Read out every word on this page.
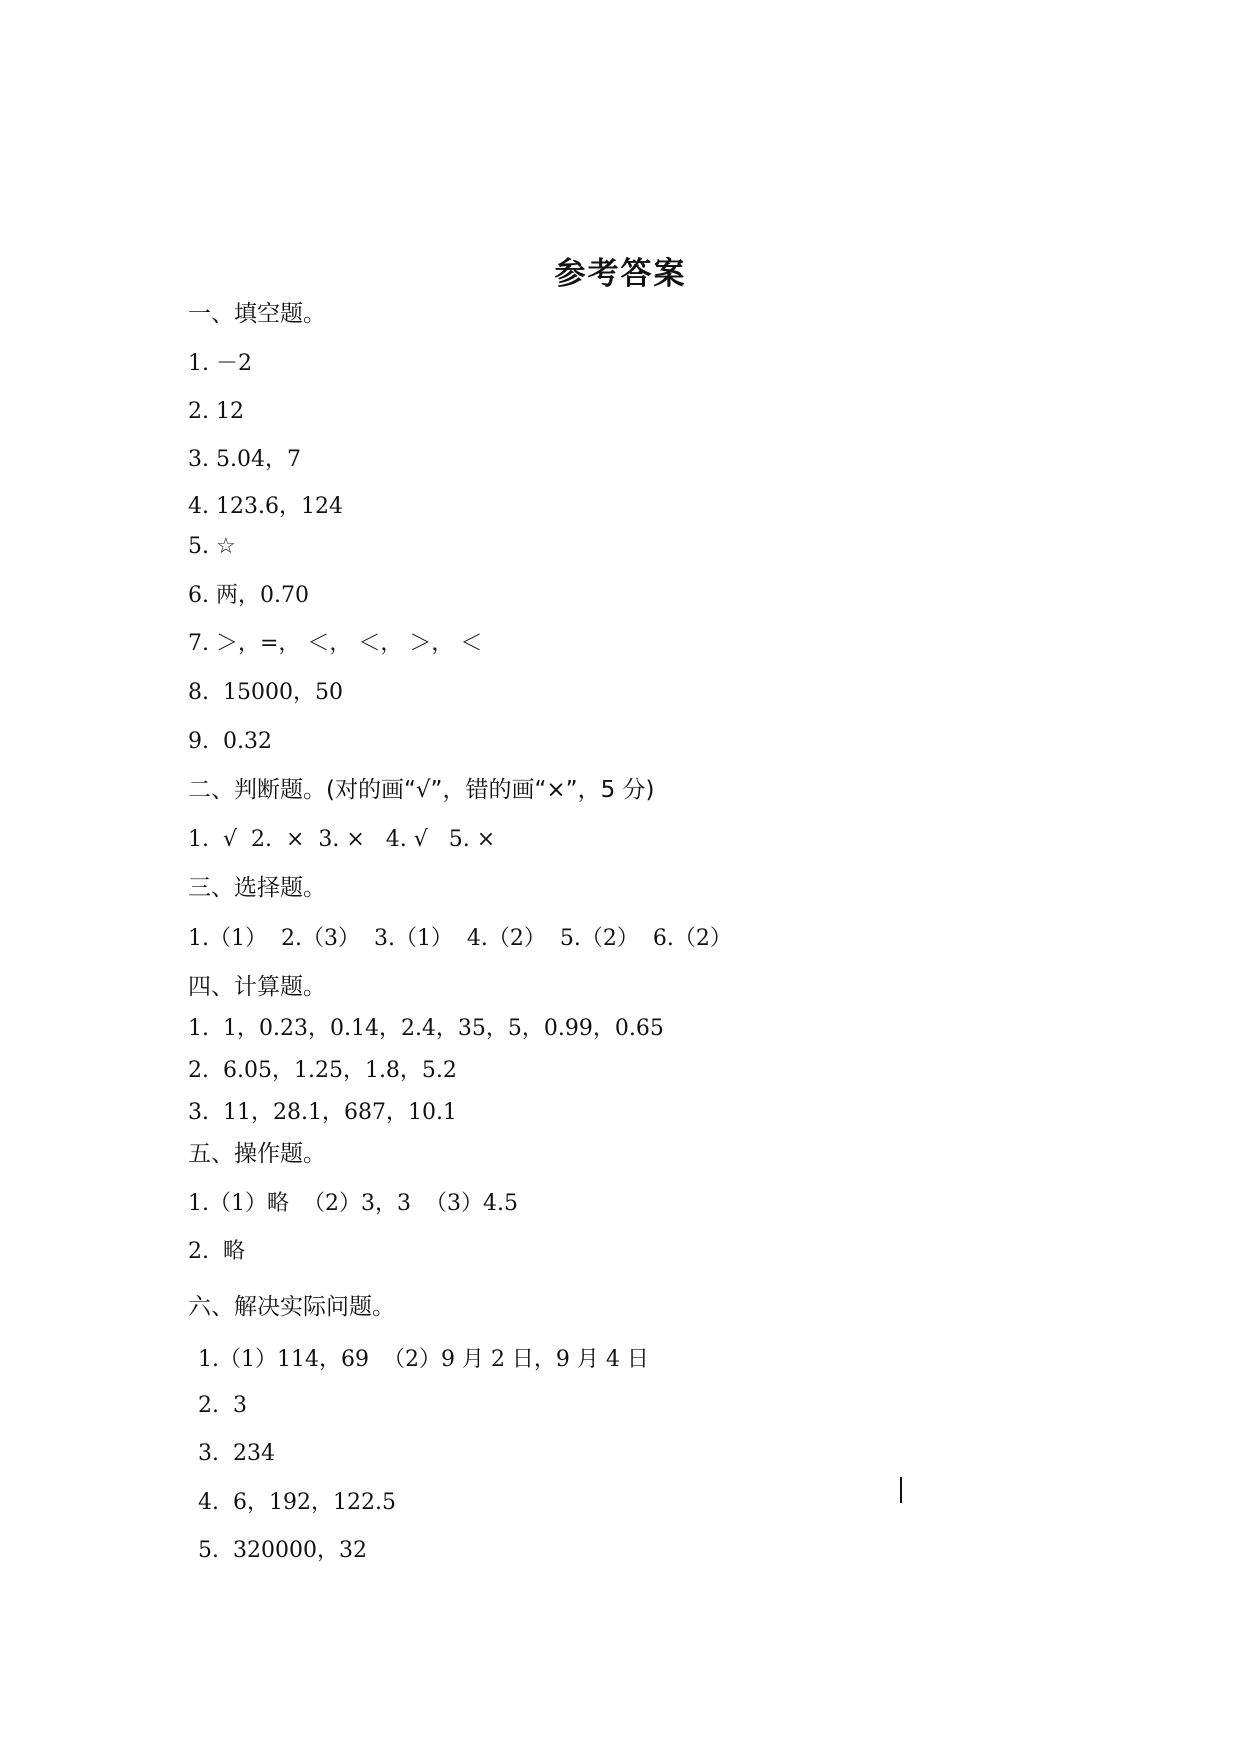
参考答案
一、填空题。
1. －2
2. 12
3. 5.04，7
4. 123.6，124
5. ☆
6. 两，0.70
7. ＞，=， ＜， ＜， ＞， ＜
8.  15000，50
9.  0.32
二、判断题。(对的画“√”，错的画“×”，5 分)
1.  √  2.  ×  3. ×   4. √   5. ×
三、选择题。
1.（1）  2.（3）  3.（1）  4.（2）  5.（2）  6.（2）
四、计算题。
1.  1，0.23，0.14，2.4，35，5，0.99，0.65
2.  6.05，1.25，1.8，5.2
3.  11，28.1，687，10.1
五、操作题。
1.（1）略  （2）3，3  （3）4.5
2.  略
六、解决实际问题。
1.（1）114，69  （2）9 月 2 日，9 月 4 日
2.  3
3.  234
4.  6，192，122.5
5.  320000，32
